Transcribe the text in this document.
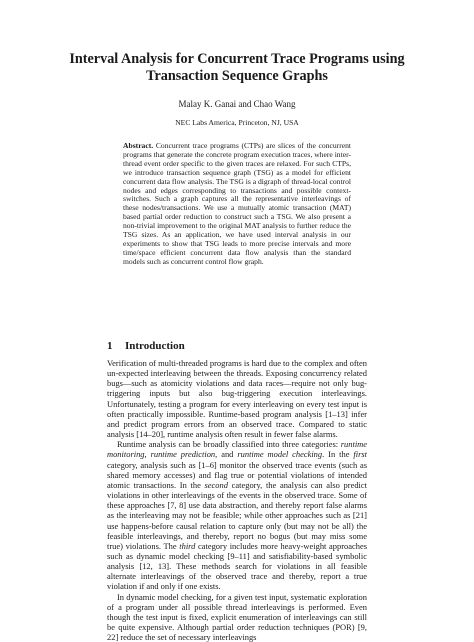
Interval Analysis for Concurrent Trace Programs using
Transaction Sequence Graphs
Malay K. Ganai and Chao Wang
NEC Labs America, Princeton, NJ, USA

Abstract. Concurrent trace programs (CTPs) are slices of the concurrent programs that generate the concrete program execution traces, where inter-thread event order specific to the given traces are relaxed. For such CTPs, we introduce transaction sequence graph (TSG) as a model for efficient concurrent data flow analysis. The TSG is a digraph of thread-local control nodes and edges corresponding to transactions and possible context-switches. Such a graph captures all the representative interleavings of these nodes/transactions. We use a mutually atomic transaction (MAT) based partial order reduction to construct such a TSG. We also present a non-trivial improvement to the original MAT analysis to further reduce the TSG sizes. As an application, we have used interval analysis in our experiments to show that TSG leads to more precise intervals and more time/space efficient concurrent data flow analysis than the standard models such as concurrent control flow graph.

1 Introduction

Verification of multi-threaded programs is hard due to the complex and often un-expected interleaving between the threads. Exposing concurrency related bugs—such as atomicity violations and data races—require not only bug-triggering inputs but also bug-triggering execution interleavings. Unfortunately, testing a program for every interleaving on every test input is often practically impossible. Runtime-based program analysis [1–13] infer and predict program errors from an observed trace. Compared to static analysis [14–20], runtime analysis often result in fewer false alarms.

Runtime analysis can be broadly classified into three categories: runtime monitoring, runtime prediction, and runtime model checking. In the first category, analysis such as [1–6] monitor the observed trace events (such as shared memory accesses) and flag true or potential violations of intended atomic transactions. In the second category, the analysis can also predict violations in other interleavings of the events in the observed trace. Some of these approaches [7, 8] use data abstraction, and thereby report false alarms as the interleaving may not be feasible; while other approaches such as [21] use happens-before causal relation to capture only (but may not be all) the feasible interleavings, and thereby, report no bogus (but may miss some true) violations. The third category includes more heavy-weight approaches such as dynamic model checking [9–11] and satisfiability-based symbolic analysis [12, 13]. These methods search for violations in all feasible alternate interleavings of the observed trace and thereby, report a true violation if and only if one exists.

In dynamic model checking, for a given test input, systematic exploration of a program under all possible thread interleavings is performed. Even though the test input is fixed, explicit enumeration of interleavings can still be quite expensive. Although partial order reduction techniques (POR) [9, 22] reduce the set of necessary interleavings
